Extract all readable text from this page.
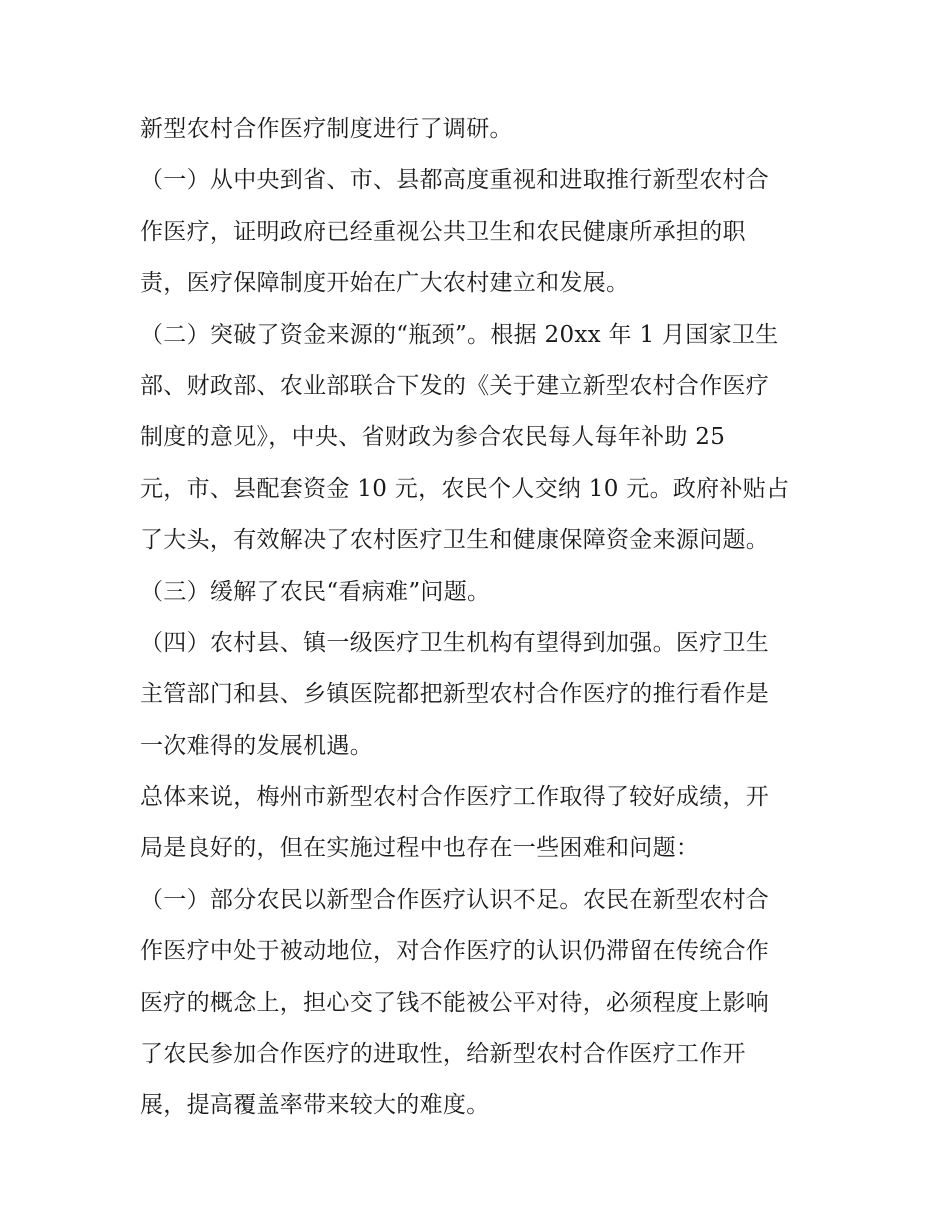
新型农村合作医疗制度进行了调研。
（一）从中央到省、市、县都高度重视和进取推行新型农村合
作医疗，证明政府已经重视公共卫生和农民健康所承担的职
责，医疗保障制度开始在广大农村建立和发展。
（二）突破了资金来源的“瓶颈”。根据 20xx 年 1 月国家卫生
部、财政部、农业部联合下发的《关于建立新型农村合作医疗
制度的意见》，中央、省财政为参合农民每人每年补助 25
元，市、县配套资金 10 元，农民个人交纳 10 元。政府补贴占
了大头，有效解决了农村医疗卫生和健康保障资金来源问题。
（三）缓解了农民“看病难”问题。
（四）农村县、镇一级医疗卫生机构有望得到加强。医疗卫生
主管部门和县、乡镇医院都把新型农村合作医疗的推行看作是
一次难得的发展机遇。
总体来说，梅州市新型农村合作医疗工作取得了较好成绩，开
局是良好的，但在实施过程中也存在一些困难和问题：
（一）部分农民以新型合作医疗认识不足。农民在新型农村合
作医疗中处于被动地位，对合作医疗的认识仍滞留在传统合作
医疗的概念上，担心交了钱不能被公平对待，必须程度上影响
了农民参加合作医疗的进取性，给新型农村合作医疗工作开
展，提高覆盖率带来较大的难度。
